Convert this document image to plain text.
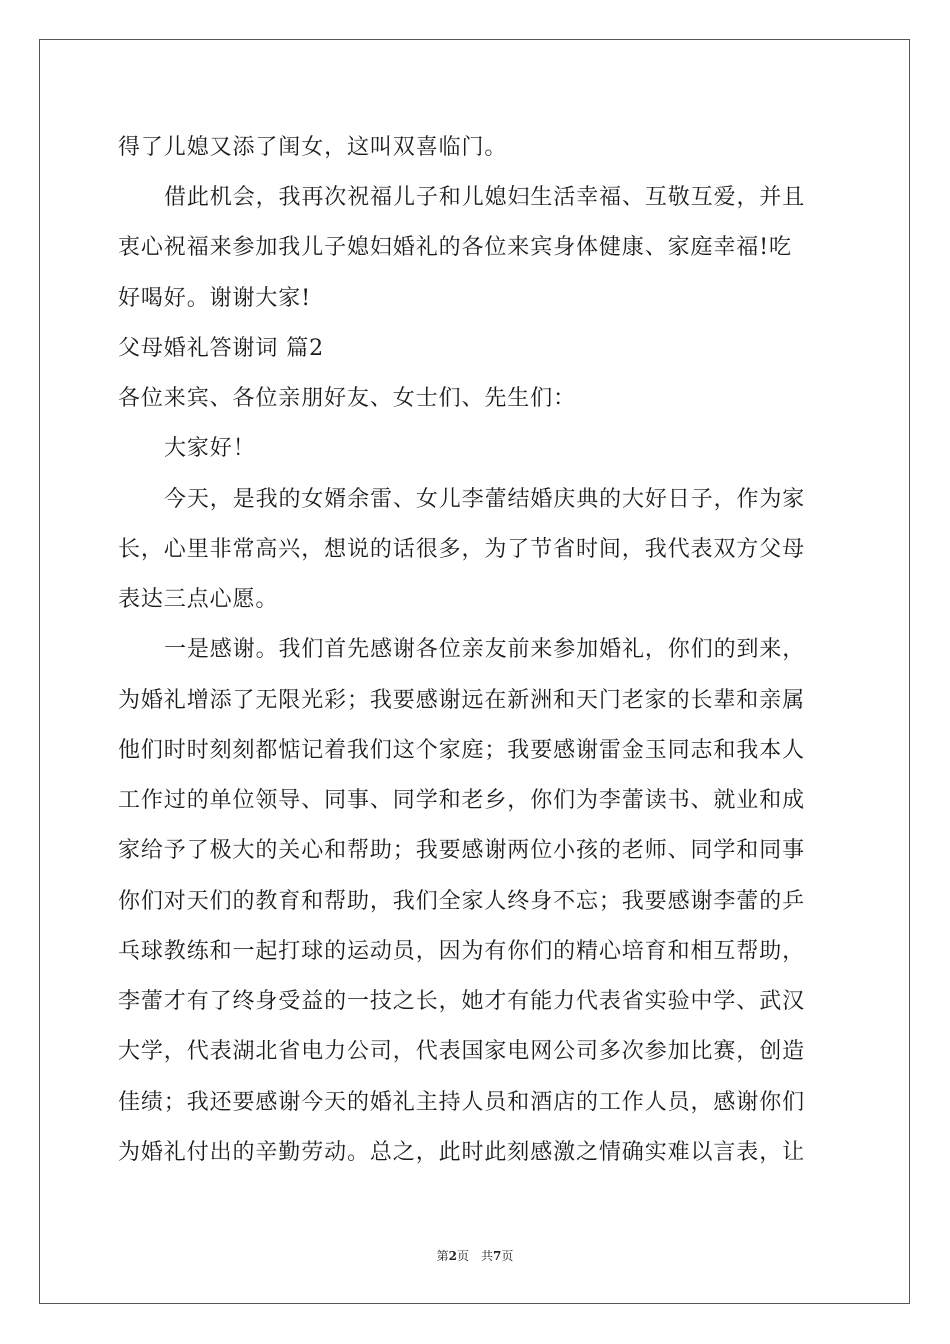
得了儿媳又添了闺女，这叫双喜临门。
借此机会，我再次祝福儿子和儿媳妇生活幸福、互敬互爱，并且
衷心祝福来参加我儿子媳妇婚礼的各位来宾身体健康、家庭幸福!吃
好喝好。谢谢大家!
父母婚礼答谢词 篇2
各位来宾、各位亲朋好友、女士们、先生们：
大家好！
今天，是我的女婿余雷、女儿李蕾结婚庆典的大好日子，作为家
长，心里非常高兴，想说的话很多，为了节省时间，我代表双方父母
表达三点心愿。
一是感谢。我们首先感谢各位亲友前来参加婚礼，你们的到来，
为婚礼增添了无限光彩；我要感谢远在新洲和天门老家的长辈和亲属
他们时时刻刻都惦记着我们这个家庭；我要感谢雷金玉同志和我本人
工作过的单位领导、同事、同学和老乡，你们为李蕾读书、就业和成
家给予了极大的关心和帮助；我要感谢两位小孩的老师、同学和同事
你们对天们的教育和帮助，我们全家人终身不忘；我要感谢李蕾的乒
乓球教练和一起打球的运动员，因为有你们的精心培育和相互帮助，
李蕾才有了终身受益的一技之长，她才有能力代表省实验中学、武汉
大学，代表湖北省电力公司，代表国家电网公司多次参加比赛，创造
佳绩；我还要感谢今天的婚礼主持人员和酒店的工作人员，感谢你们
为婚礼付出的辛勤劳动。总之，此时此刻感激之情确实难以言表，让
第2页　共7页
